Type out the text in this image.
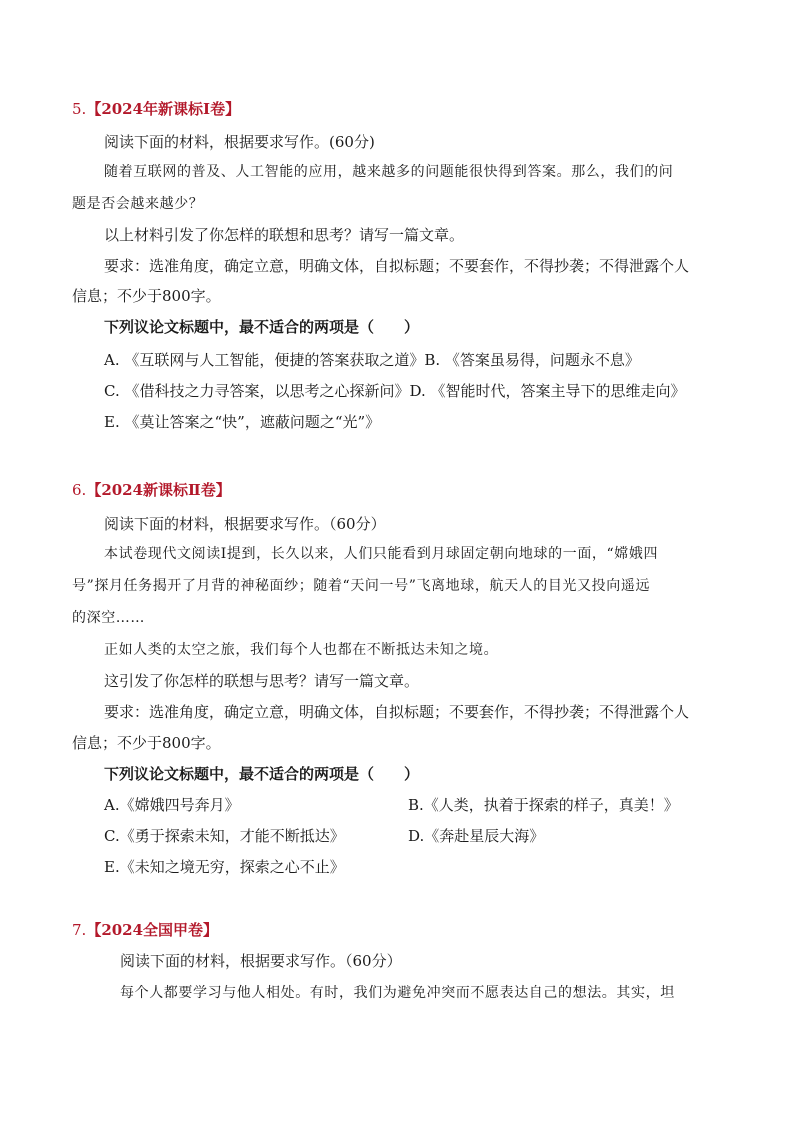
5.【2024年新课标Ⅰ卷】
阅读下面的材料，根据要求写作。(60分)
随着互联网的普及、人工智能的应用，越来越多的问题能很快得到答案。那么，我们的问
题是否会越来越少？
以上材料引发了你怎样的联想和思考？请写一篇文章。
要求：选准角度，确定立意，明确文体，自拟标题；不要套作，不得抄袭；不得泄露个人
信息；不少于800字。
下列议论文标题中，最不适合的两项是（　　）
A. 《互联网与人工智能，便捷的答案获取之道》B. 《答案虽易得，问题永不息》
C. 《借科技之力寻答案，以思考之心探新问》D. 《智能时代，答案主导下的思维走向》
E. 《莫让答案之“快”，遮蔽问题之“光”》
6.【2024新课标Ⅱ卷】
阅读下面的材料，根据要求写作。（60分）
本试卷现代文阅读Ⅰ提到，长久以来，人们只能看到月球固定朝向地球的一面，“嫦娥四
号”探月任务揭开了月背的神秘面纱；随着“天问一号”飞离地球，航天人的目光又投向遥远
的深空……
正如人类的太空之旅，我们每个人也都在不断抵达未知之境。
这引发了你怎样的联想与思考？请写一篇文章。
要求：选准角度，确定立意，明确文体，自拟标题；不要套作，不得抄袭；不得泄露个人
信息；不少于800字。
下列议论文标题中，最不适合的两项是（　　）
A.《嫦娥四号奔月》	B.《人类，执着于探索的样子，真美！》
C.《勇于探索未知，才能不断抵达》	D.《奔赴星辰大海》
E.《未知之境无穷，探索之心不止》
7.【2024全国甲卷】
阅读下面的材料，根据要求写作。（60分）
每个人都要学习与他人相处。有时，我们为避免冲突而不愿表达自己的想法。其实，坦
